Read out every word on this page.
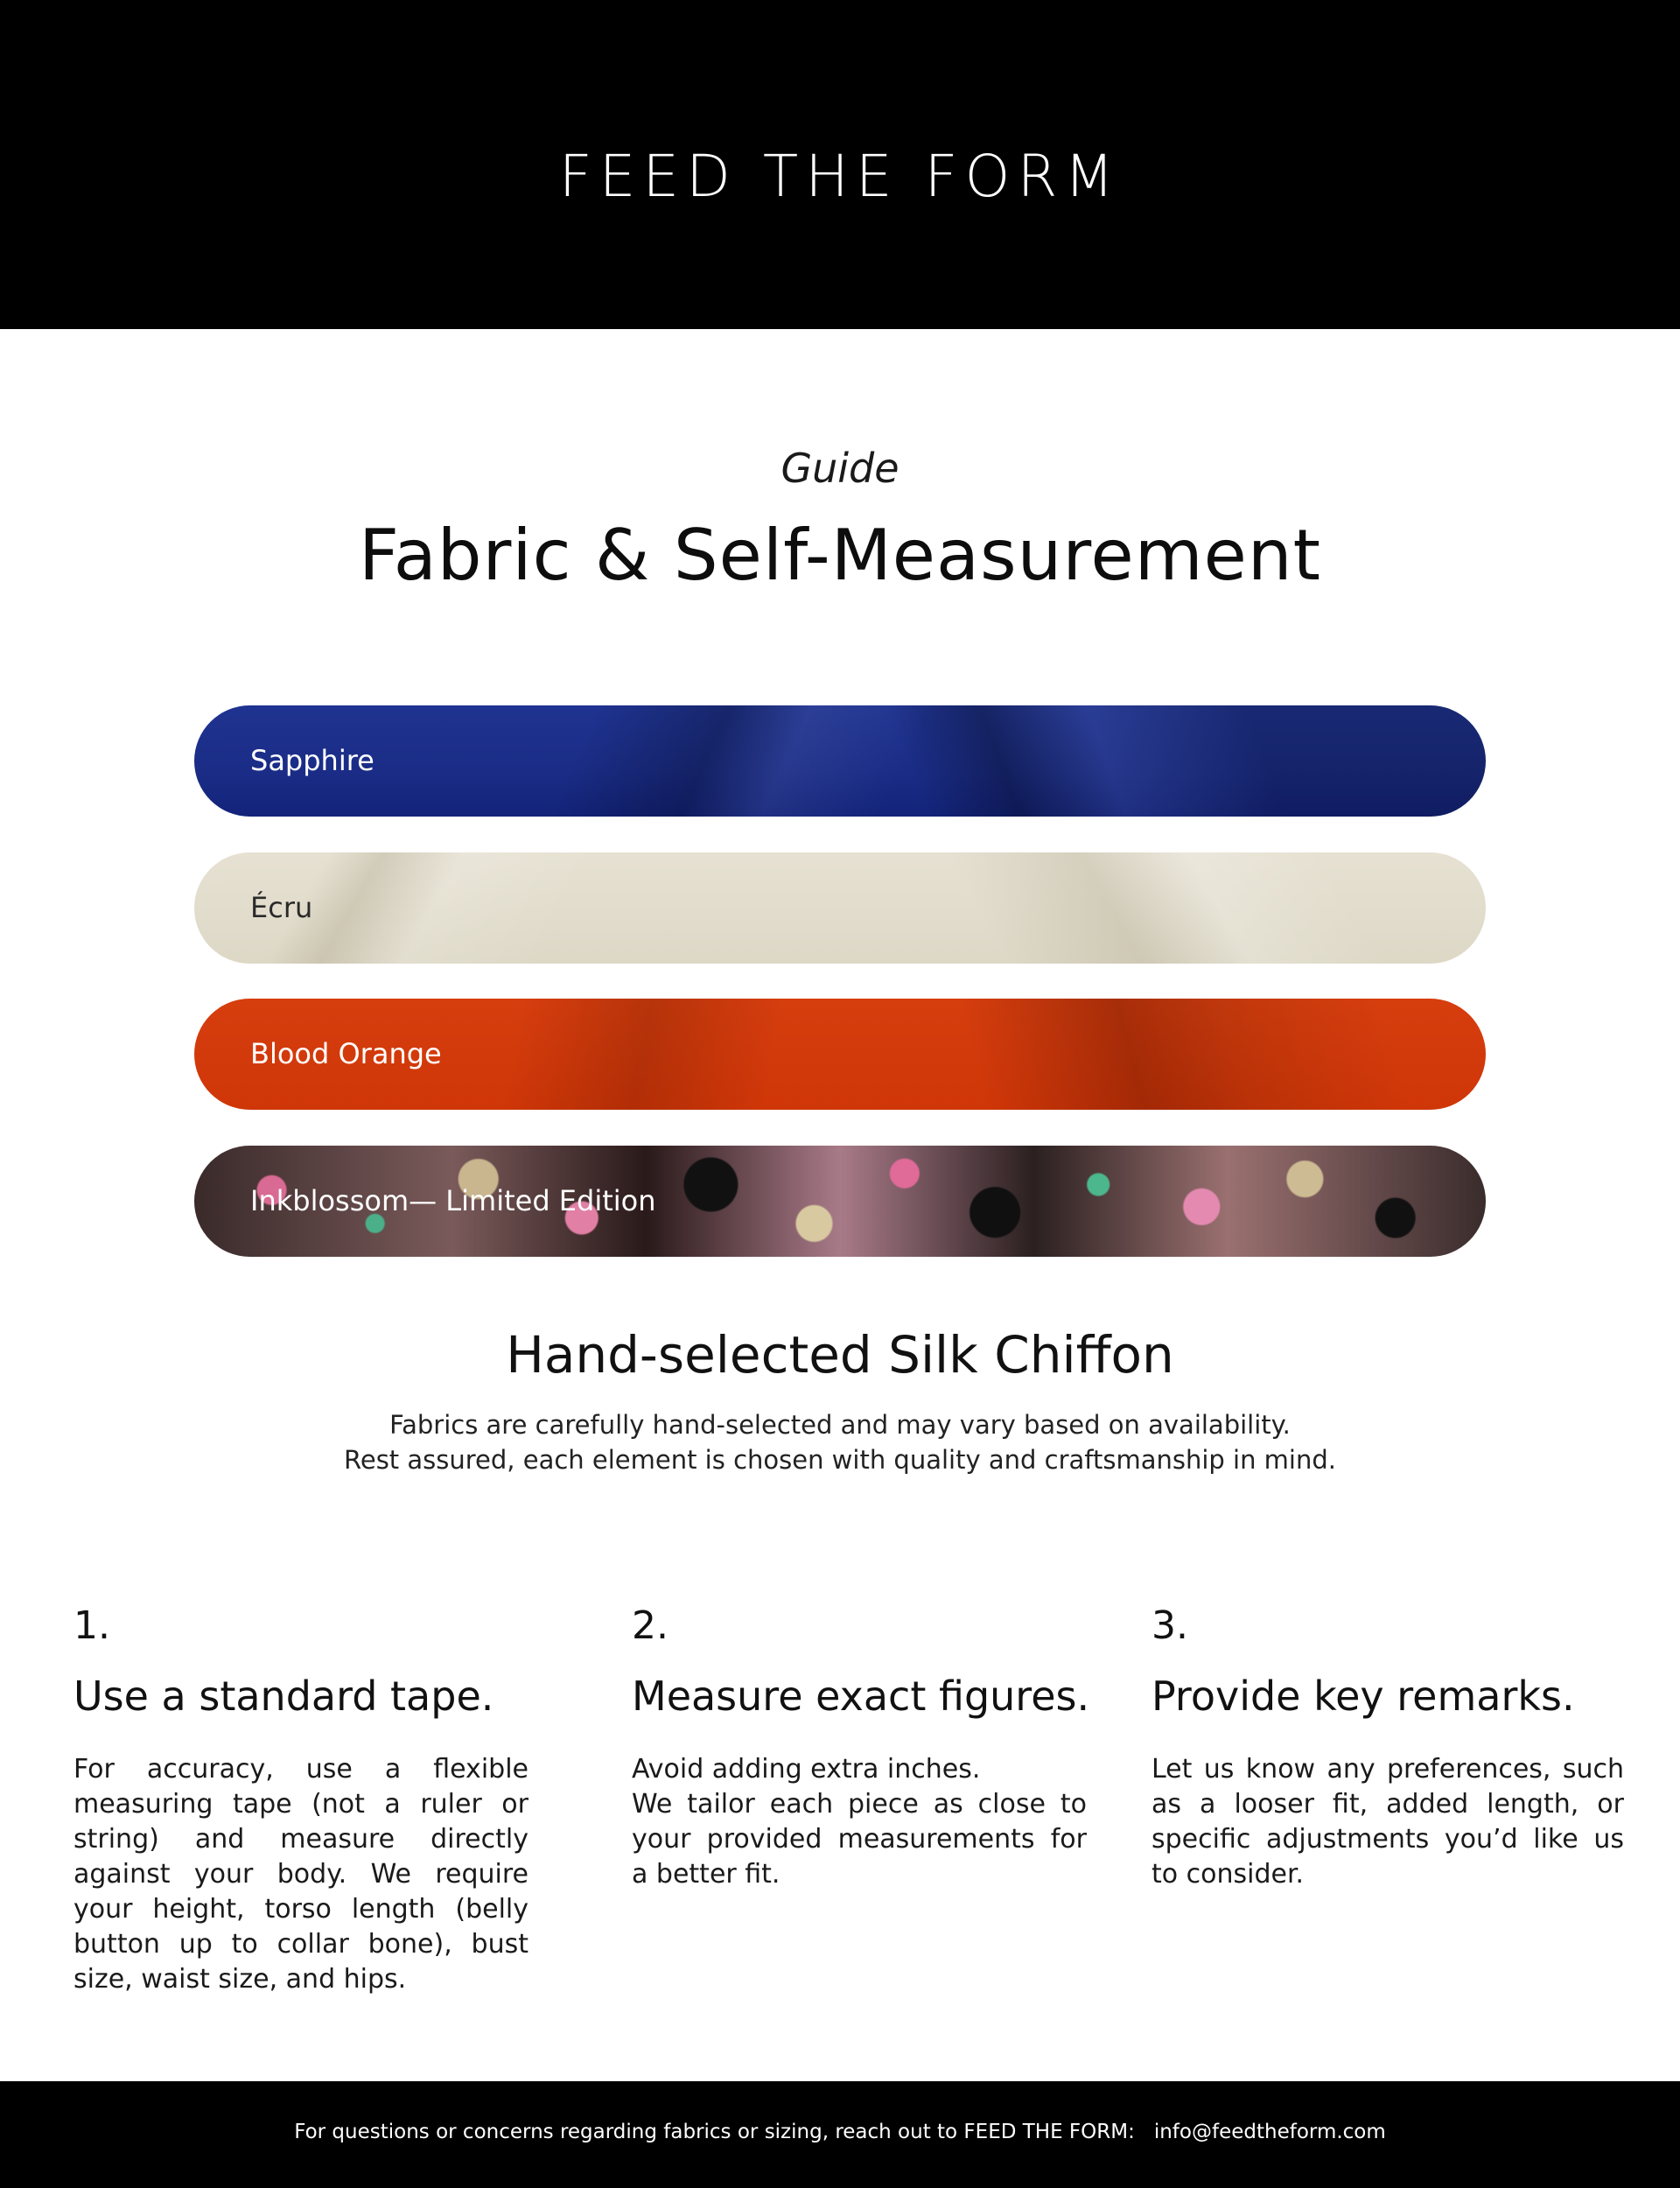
FEED THE FORM
Guide
Fabric & Self-Measurement
Sapphire
Écru
Blood Orange
Inkblossom— Limited Edition
Hand-selected Silk Chiffon
Fabrics are carefully hand-selected and may vary based on availability.
Rest assured, each element is chosen with quality and craftsmanship in mind.
1.
Use a standard tape.
For accuracy, use a flexible measuring tape (not a ruler or string) and measure directly against your body. We require your height, torso length (belly button up to collar bone), bust size, waist size, and hips.
2.
Measure exact figures.
Avoid adding extra inches.
We tailor each piece as close to your provided measurements for a better fit.
3.
Provide key remarks.
Let us know any preferences, such as a looser fit, added length, or specific adjustments you’d like us to consider.
For questions or concerns regarding fabrics or sizing, reach out to FEED THE FORM: info@feedtheform.com
